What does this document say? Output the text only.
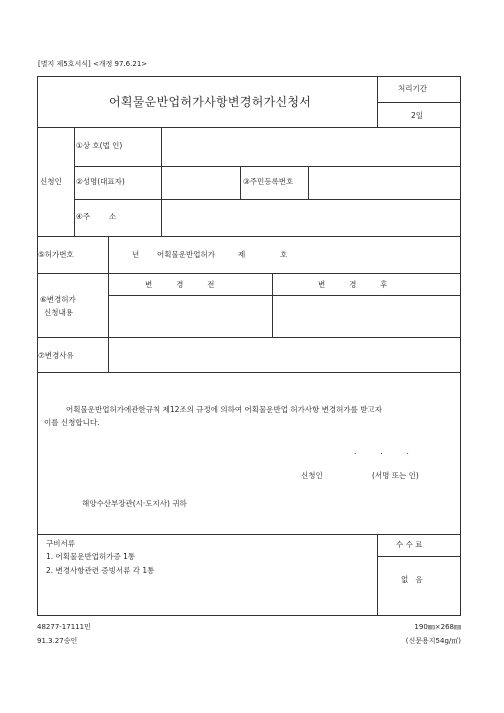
[별지 제5호서식] <개정 97.6.21>
어획물운반업허가사항변경허가신청서
처리기간
2일
신청인
①상 호(법 인)
②성명(대표자)	③주민등록번호
④주        소
⑤허가번호	년 어획물운반업허가	제	호
⑥변경허가
신청내용
변          경          전	변          경          후
⑦변경사유
어획물운반업허가에관한규칙 제12조의 규정에 의하여 어획물운반업 허가사항 변경허가를 받고자
이를 신청합니다.
.          .          .
신청인	(서명 또는 인)
해양수산부장관(시·도지사) 귀하
구비서류
1. 어획물운반업허가증 1통
2. 변경사항관련 증빙서류 각 1통
수 수 료
없   음
48277-17111민
91.3.27승인
190㎜×268㎜
(신문용지54g/㎡)
